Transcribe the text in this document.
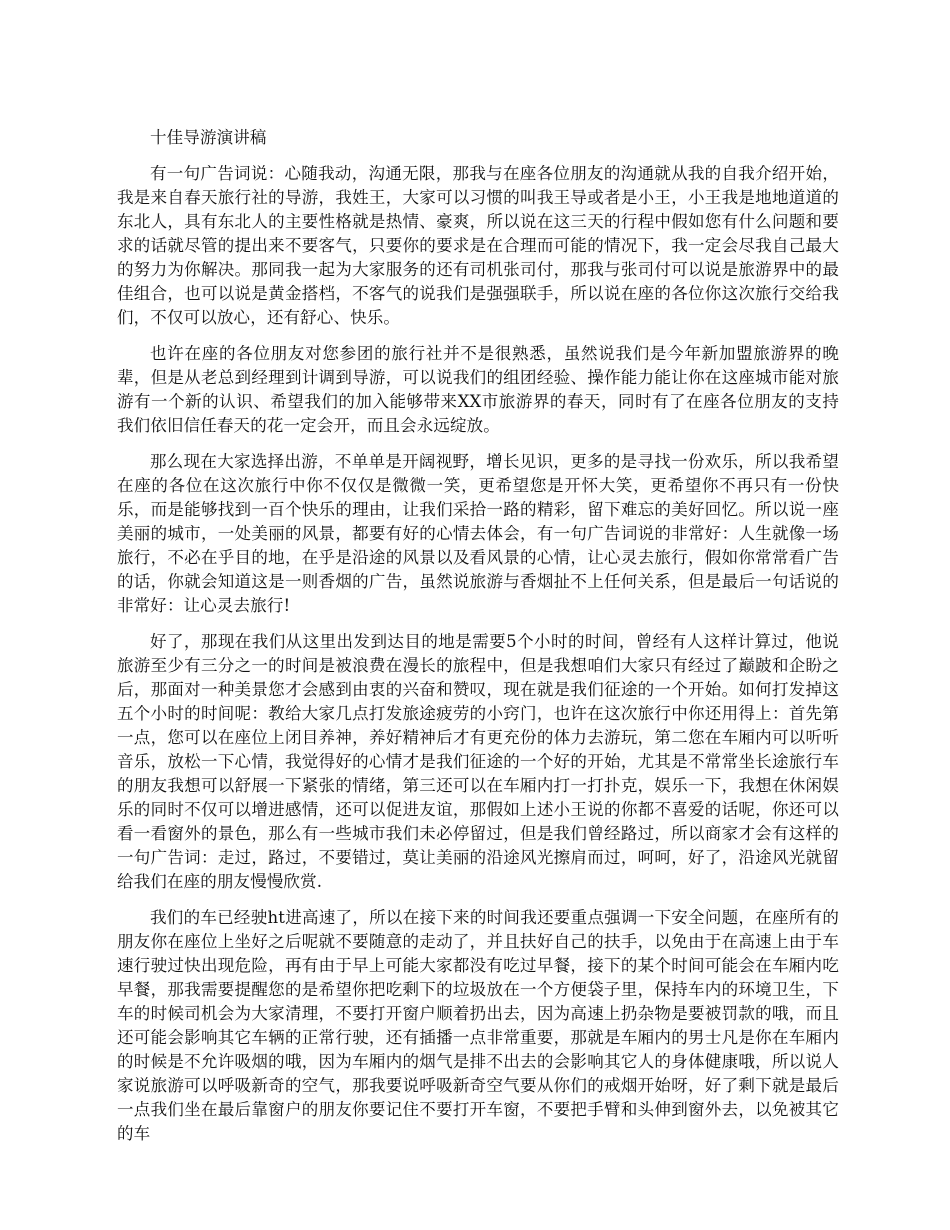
十佳导游演讲稿

有一句广告词说：心随我动，沟通无限，那我与在座各位朋友的沟通就从我的自我介绍开始，我是来自春天旅行社的导游，我姓王，大家可以习惯的叫我王导或者是小王，小王我是地地道道的东北人，具有东北人的主要性格就是热情、豪爽，所以说在这三天的行程中假如您有什么问题和要求的话就尽管的提出来不要客气，只要你的要求是在合理而可能的情况下，我一定会尽我自己最大的努力为你解决。那同我一起为大家服务的还有司机张司付，那我与张司付可以说是旅游界中的最佳组合，也可以说是黄金搭档，不客气的说我们是强强联手，所以说在座的各位你这次旅行交给我们，不仅可以放心，还有舒心、快乐。

也许在座的各位朋友对您参团的旅行社并不是很熟悉，虽然说我们是今年新加盟旅游界的晚辈，但是从老总到经理到计调到导游，可以说我们的组团经验、操作能力能让你在这座城市能对旅游有一个新的认识、希望我们的加入能够带来XX市旅游界的春天，同时有了在座各位朋友的支持我们依旧信任春天的花一定会开，而且会永远绽放。

那么现在大家选择出游，不单单是开阔视野，增长见识，更多的是寻找一份欢乐，所以我希望在座的各位在这次旅行中你不仅仅是微微一笑，更希望您是开怀大笑，更希望你不再只有一份快乐，而是能够找到一百个快乐的理由，让我们采拾一路的精彩，留下难忘的美好回忆。所以说一座美丽的城市，一处美丽的风景，都要有好的心情去体会，有一句广告词说的非常好：人生就像一场旅行，不必在乎目的地，在乎是沿途的风景以及看风景的心情，让心灵去旅行，假如你常常看广告的话，你就会知道这是一则香烟的广告，虽然说旅游与香烟扯不上任何关系，但是最后一句话说的非常好：让心灵去旅行!

好了，那现在我们从这里出发到达目的地是需要5个小时的时间，曾经有人这样计算过，他说旅游至少有三分之一的时间是被浪费在漫长的旅程中，但是我想咱们大家只有经过了巅跛和企盼之后，那面对一种美景您才会感到由衷的兴奋和赞叹，现在就是我们征途的一个开始。如何打发掉这五个小时的时间呢：教给大家几点打发旅途疲劳的小窍门，也许在这次旅行中你还用得上：首先第一点，您可以在座位上闭目养神，养好精神后才有更充份的体力去游玩，第二您在车厢内可以听听音乐，放松一下心情，我觉得好的心情才是我们征途的一个好的开始，尤其是不常常坐长途旅行车的朋友我想可以舒展一下紧张的情绪，第三还可以在车厢内打一打扑克，娱乐一下，我想在休闲娱乐的同时不仅可以增进感情，还可以促进友谊，那假如上述小王说的你都不喜爱的话呢，你还可以看一看窗外的景色，那么有一些城市我们未必停留过，但是我们曾经路过，所以商家才会有这样的一句广告词：走过，路过，不要错过，莫让美丽的沿途风光擦肩而过，呵呵，好了，沿途风光就留给我们在座的朋友慢慢欣赏.

我们的车已经驶ht进高速了，所以在接下来的时间我还要重点强调一下安全问题，在座所有的朋友你在座位上坐好之后呢就不要随意的走动了，并且扶好自己的扶手，以免由于在高速上由于车速行驶过快出现危险，再有由于早上可能大家都没有吃过早餐，接下的某个时间可能会在车厢内吃早餐，那我需要提醒您的是希望你把吃剩下的垃圾放在一个方便袋子里，保持车内的环境卫生，下车的时候司机会为大家清理，不要打开窗户顺着扔出去，因为高速上扔杂物是要被罚款的哦，而且还可能会影响其它车辆的正常行驶，还有插播一点非常重要，那就是车厢内的男士凡是你在车厢内的时候是不允许吸烟的哦，因为车厢内的烟气是排不出去的会影响其它人的身体健康哦，所以说人家说旅游可以呼吸新奇的空气，那我要说呼吸新奇空气要从你们的戒烟开始呀，好了剩下就是最后一点我们坐在最后靠窗户的朋友你要记住不要打开车窗，不要把手臂和头伸到窗外去，以免被其它的车
